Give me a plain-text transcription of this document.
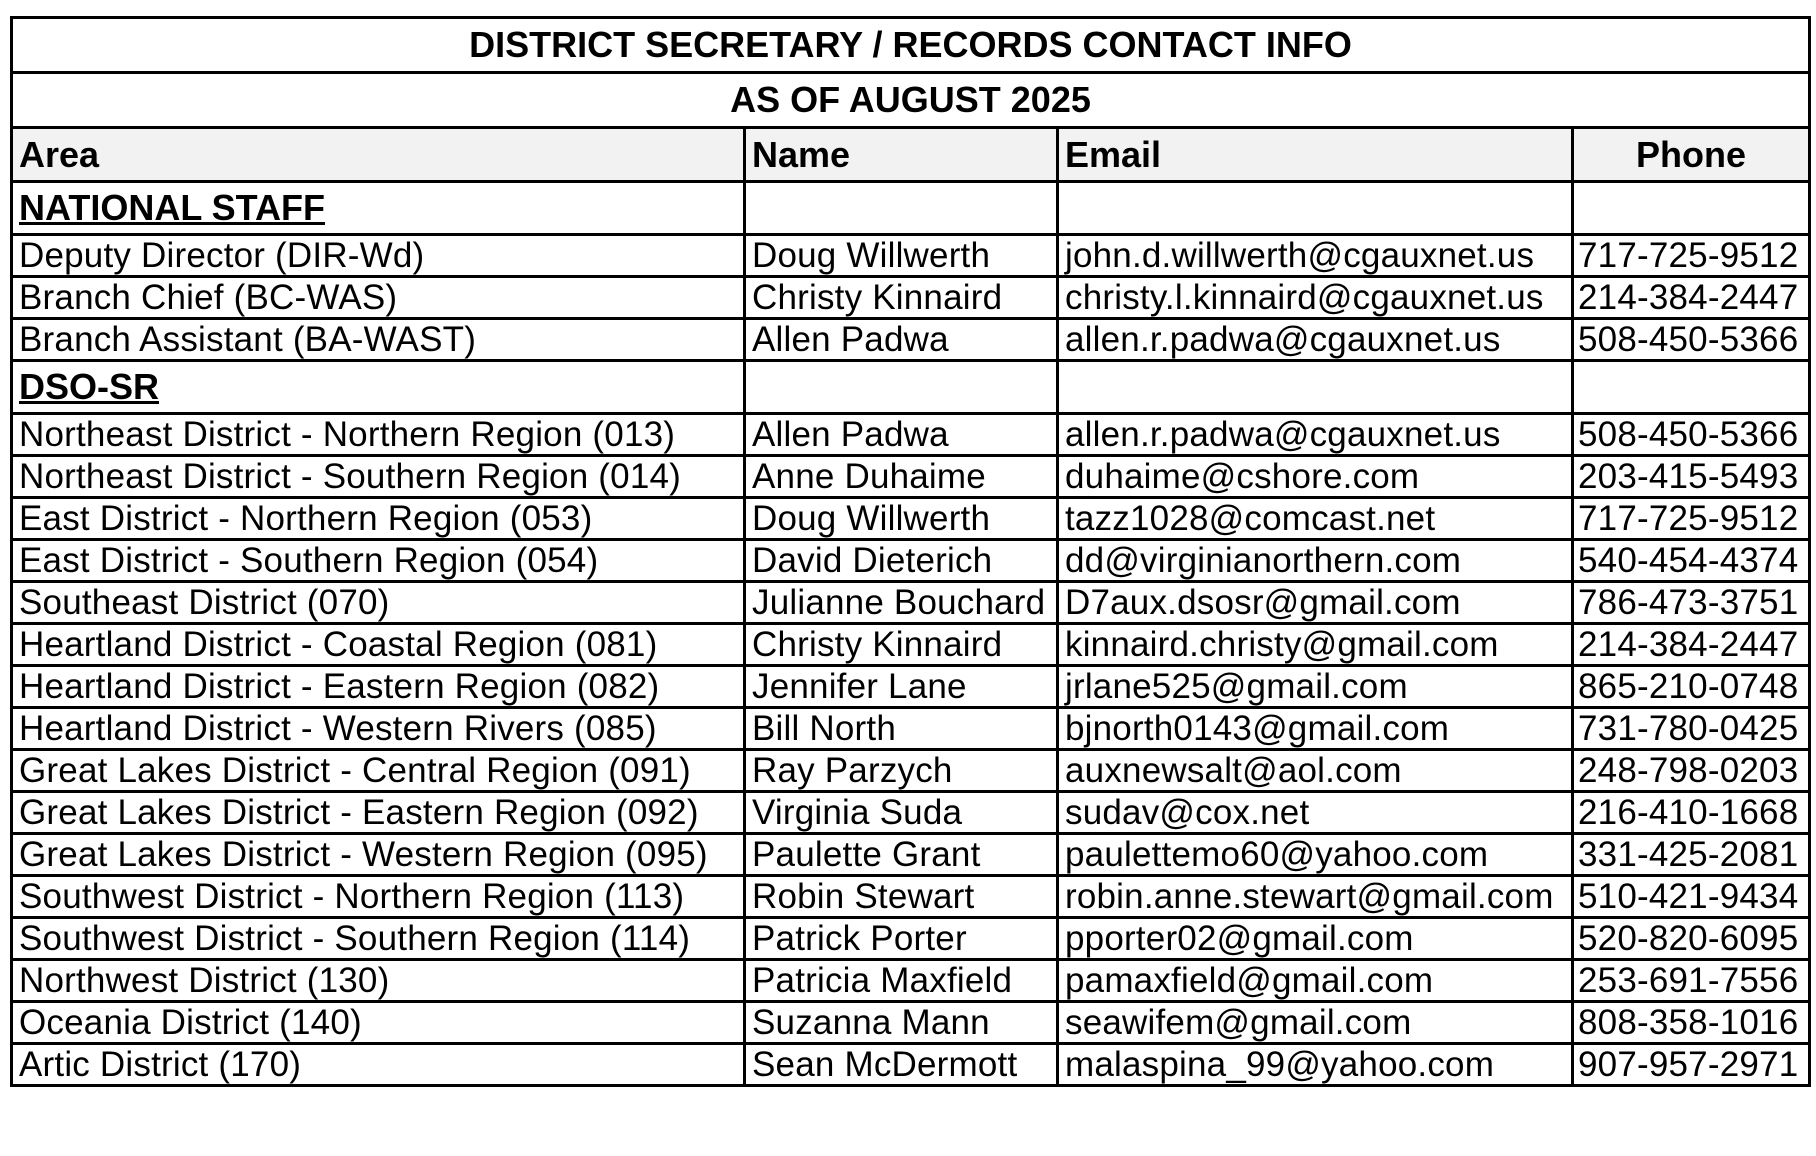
DISTRICT SECRETARY / RECORDS CONTACT INFO			
AS OF AUGUST 2025			
Area	Name	Email	Phone
NATIONAL STAFF			
Deputy Director (DIR-Wd)	Doug Willwerth	john.d.willwerth@cgauxnet.us	717-725-9512
Branch Chief (BC-WAS)	Christy Kinnaird	christy.l.kinnaird@cgauxnet.us	214-384-2447
Branch Assistant (BA-WAST)	Allen Padwa	allen.r.padwa@cgauxnet.us	508-450-5366
DSO-SR			
Northeast District - Northern Region (013)	Allen Padwa	allen.r.padwa@cgauxnet.us	508-450-5366
Northeast District - Southern Region (014)	Anne Duhaime	duhaime@cshore.com	203-415-5493
East District - Northern Region (053)	Doug Willwerth	tazz1028@comcast.net	717-725-9512
East District - Southern Region (054)	David Dieterich	dd@virginianorthern.com	540-454-4374
Southeast District (070)	Julianne Bouchard	D7aux.dsosr@gmail.com	786-473-3751
Heartland District - Coastal Region (081)	Christy Kinnaird	kinnaird.christy@gmail.com	214-384-2447
Heartland District - Eastern Region (082)	Jennifer Lane	jrlane525@gmail.com	865-210-0748
Heartland District - Western Rivers (085)	Bill North	bjnorth0143@gmail.com	731-780-0425
Great Lakes District - Central Region (091)	Ray Parzych	auxnewsalt@aol.com	248-798-0203
Great Lakes District - Eastern Region (092)	Virginia Suda	sudav@cox.net	216-410-1668
Great Lakes District - Western Region (095)	Paulette Grant	paulettemo60@yahoo.com	331-425-2081
Southwest District - Northern Region (113)	Robin Stewart	robin.anne.stewart@gmail.com	510-421-9434
Southwest District - Southern Region (114)	Patrick Porter	pporter02@gmail.com	520-820-6095
Northwest District (130)	Patricia Maxfield	pamaxfield@gmail.com	253-691-7556
Oceania District (140)	Suzanna Mann	seawifem@gmail.com	808-358-1016
Artic District (170)	Sean McDermott	malaspina_99@yahoo.com	907-957-2971
